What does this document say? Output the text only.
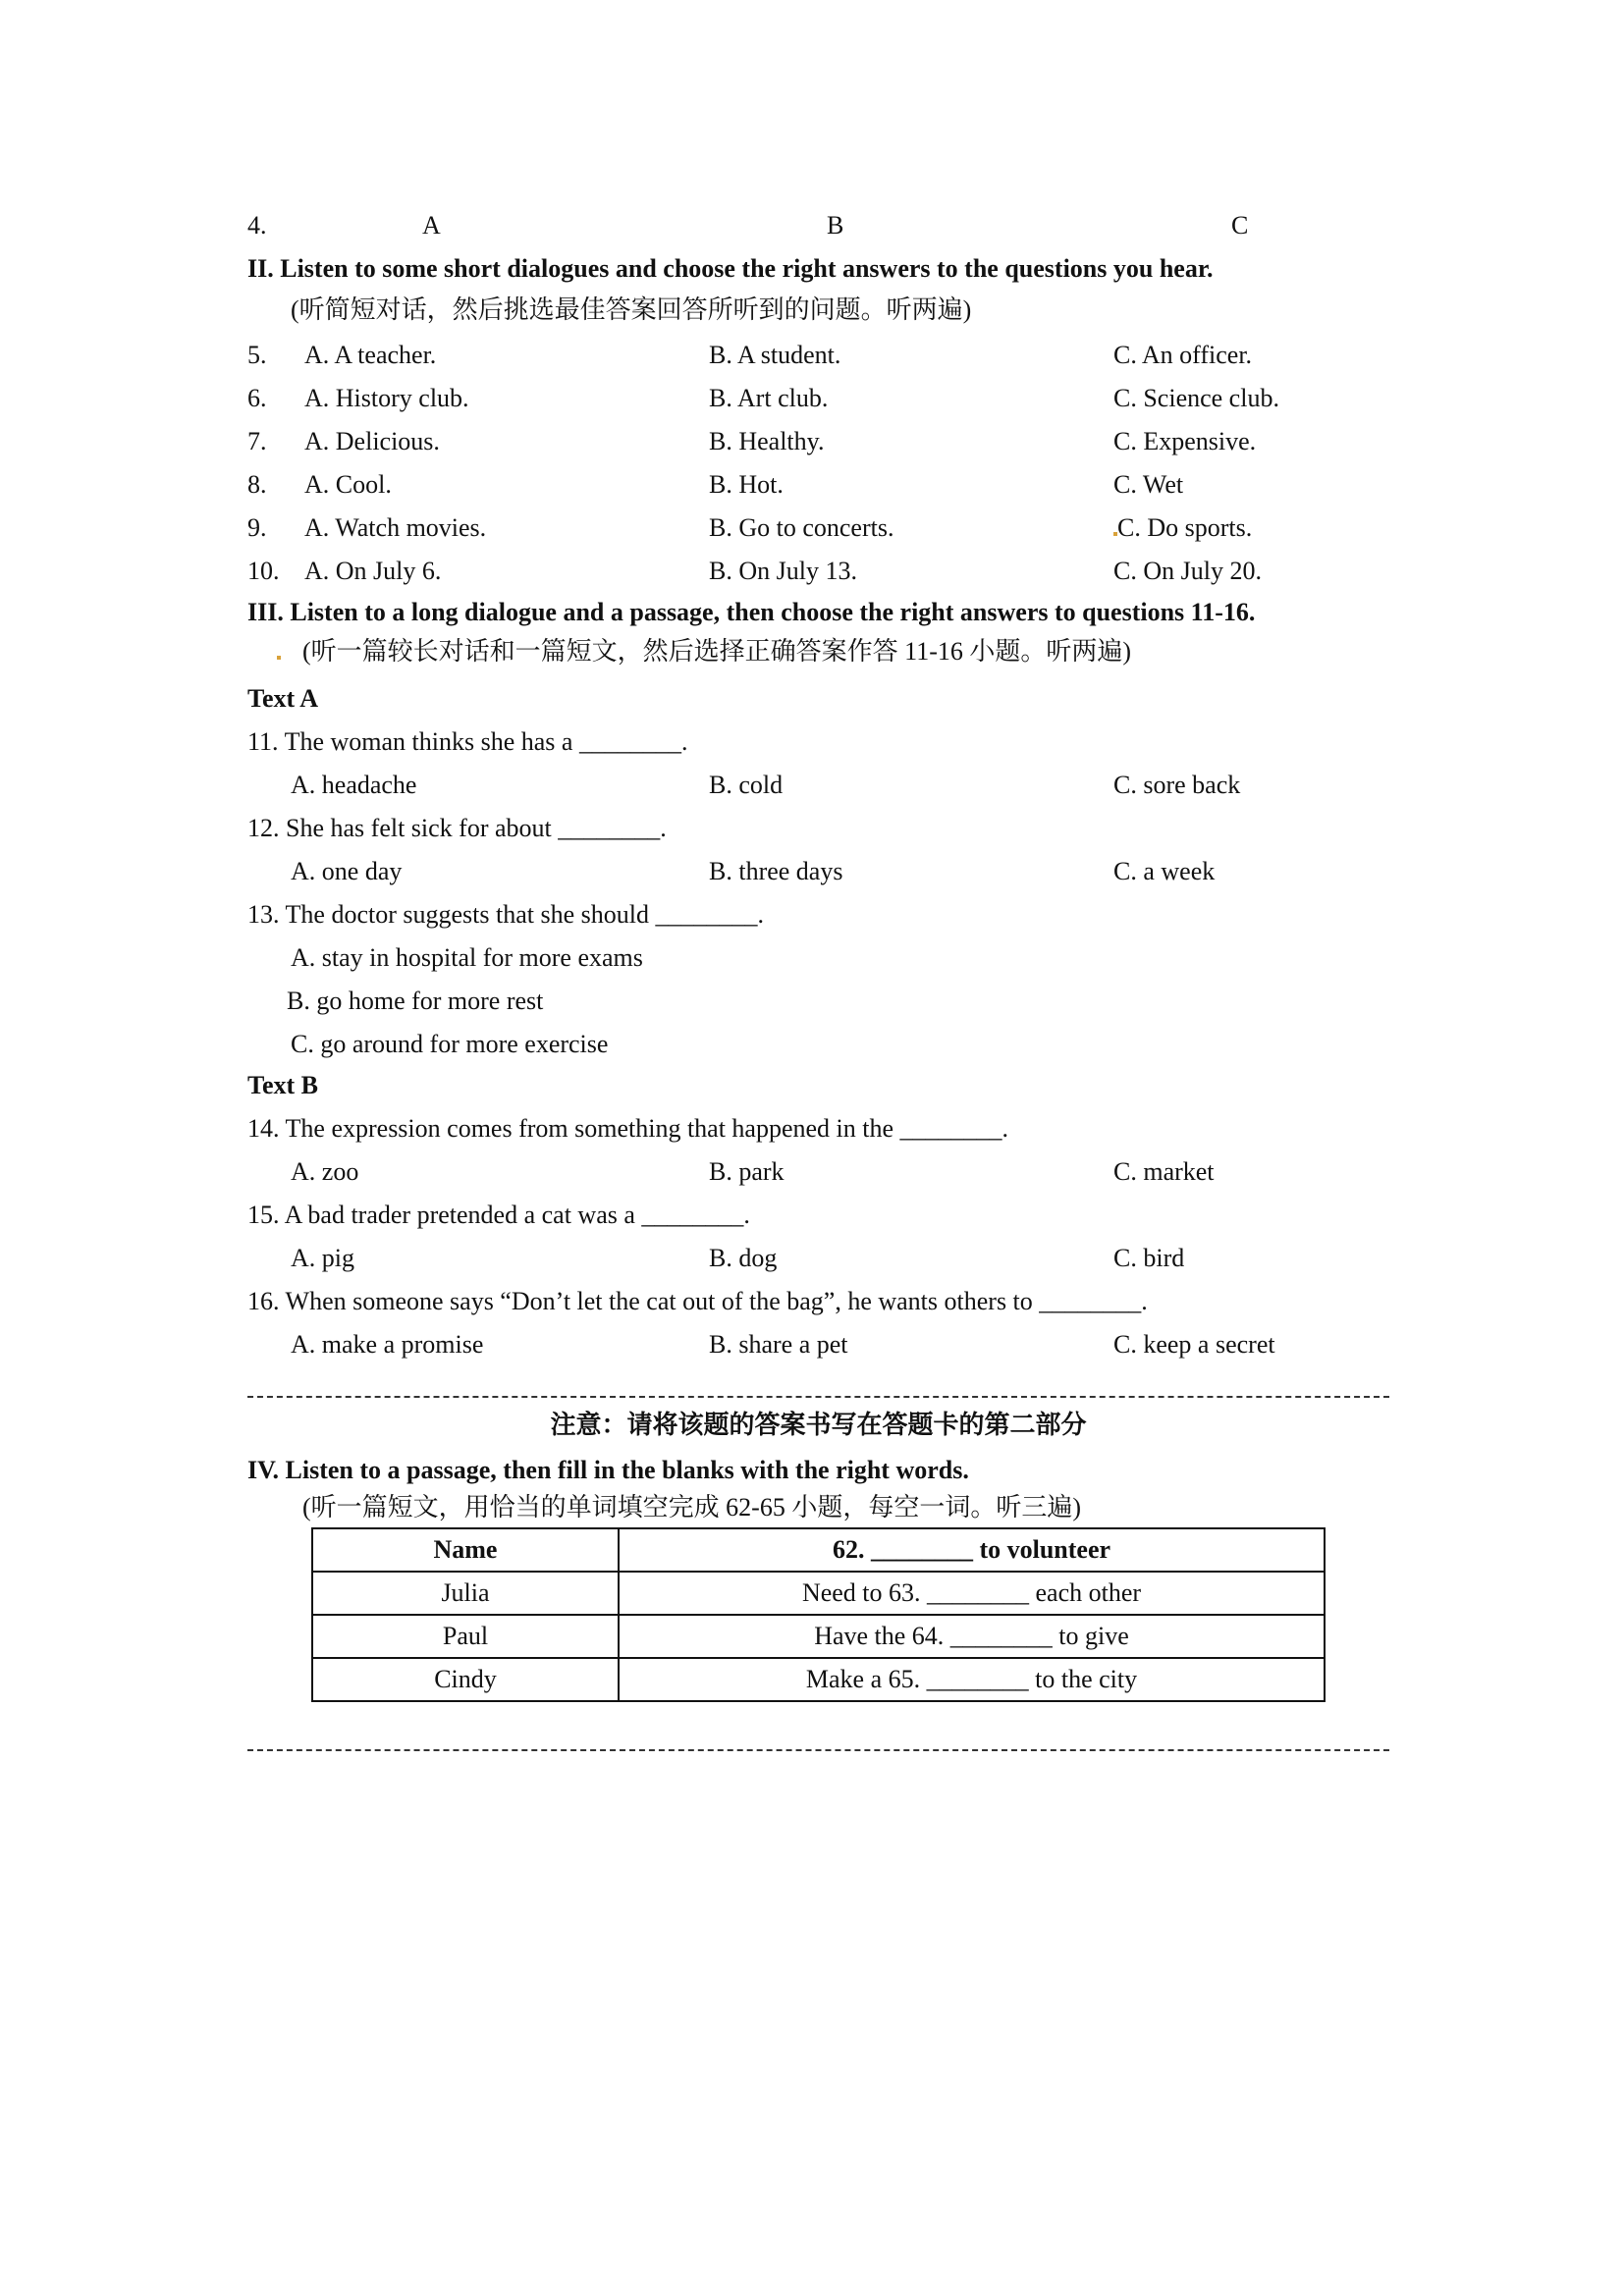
4.	A	B	C
II. Listen to some short dialogues and choose the right answers to the questions you hear.
(听简短对话，然后挑选最佳答案回答所听到的问题。听两遍)
5. A. A teacher.	B. A student.	C. An officer.
6. A. History club.	B. Art club.	C. Science club.
7. A. Delicious.	B. Healthy.	C. Expensive.
8. A. Cool.	B. Hot.	C. Wet
9. A. Watch movies.	B. Go to concerts.	C. Do sports.
10. A. On July 6.	B. On July 13.	C. On July 20.
III. Listen to a long dialogue and a passage, then choose the right answers to questions 11-16.
(听一篇较长对话和一篇短文，然后选择正确答案作答 11-16 小题。听两遍)
Text A
11. The woman thinks she has a ________.
A. headache	B. cold	C. sore back
12. She has felt sick for about ________.
A. one day	B. three days	C. a week
13. The doctor suggests that she should ________.
A. stay in hospital for more exams
B. go home for more rest
C. go around for more exercise
Text B
14. The expression comes from something that happened in the ________.
A. zoo	B. park	C. market
15. A bad trader pretended a cat was a ________.
A. pig	B. dog	C. bird
16. When someone says “Don’t let the cat out of the bag”, he wants others to ________.
A. make a promise	B. share a pet	C. keep a secret
注意：请将该题的答案书写在答题卡的第二部分
IV. Listen to a passage, then fill in the blanks with the right words.
(听一篇短文，用恰当的单词填空完成 62-65 小题，每空一词。听三遍)
Name	62. ________ to volunteer
Julia	Need to 63. ________ each other
Paul	Have the 64. ________ to give
Cindy	Make a 65. ________ to the city
